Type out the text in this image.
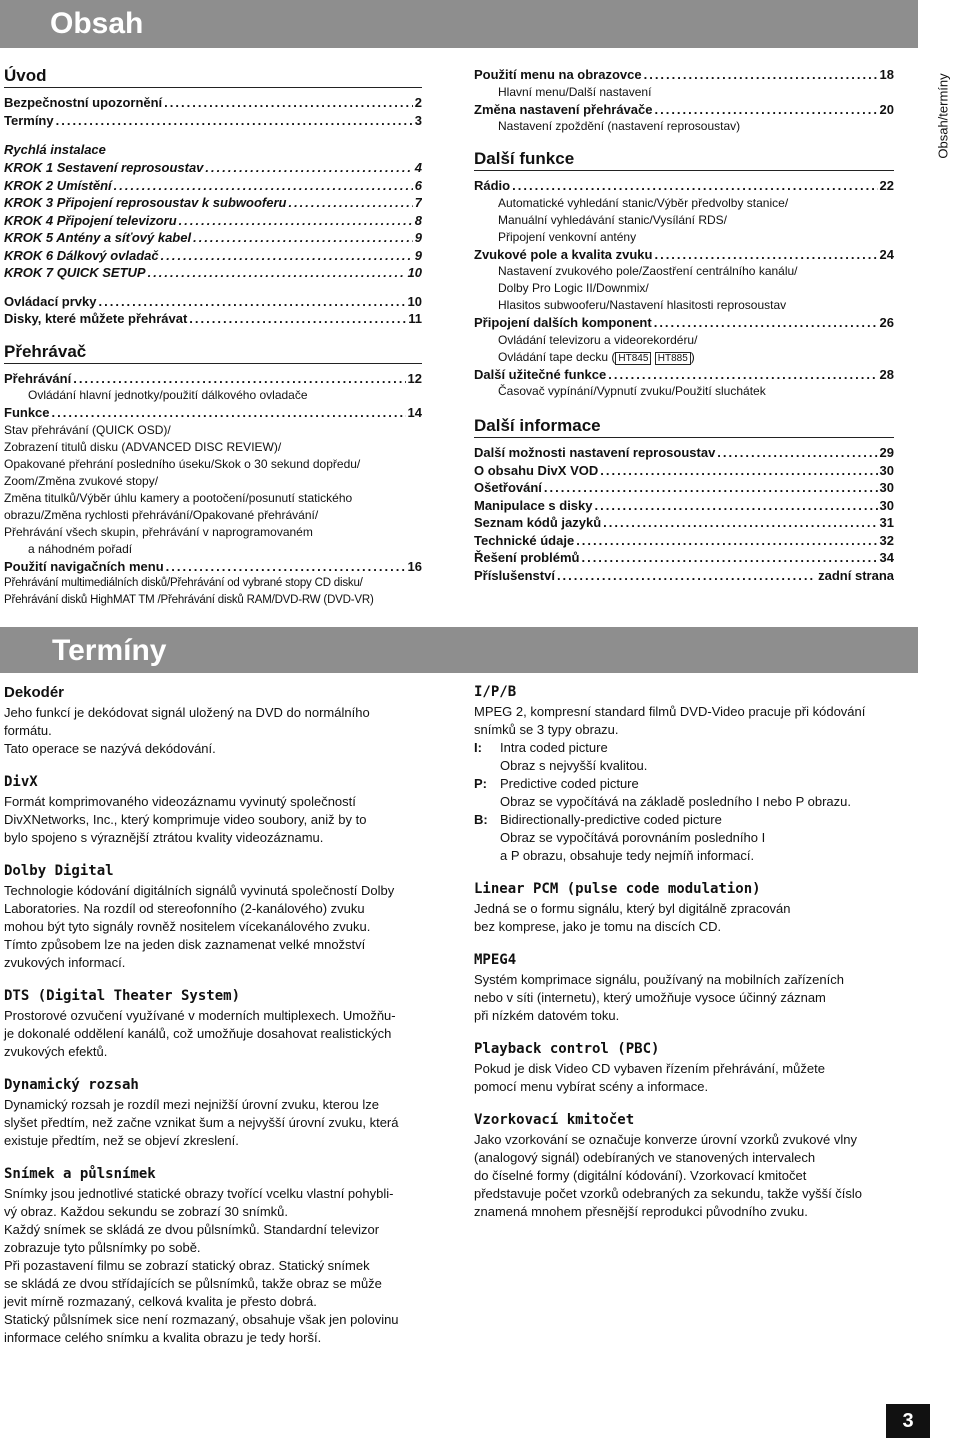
Obsah
Obsah/termíny
Úvod
Bezpečnostní upozornění .....	2
Termíny .....	3
Rychlá instalace
KROK 1 Sestavení reprosoustav .....	4
KROK 2 Umístění .....	6
KROK 3 Připojení reprosoustav k subwooferu .....	7
KROK 4 Připojení televizoru .....	8
KROK 5 Antény a síťový kabel .....	9
KROK 6 Dálkový ovladač .....	9
KROK 7 QUICK SETUP .....	10
Ovládací prvky .....	10
Disky, které můžete přehrávat .....	11
Přehrávač
Přehrávání .....	12
Ovládání hlavní jednotky/použití dálkového ovladače
Funkce .....	14
Stav přehrávání (QUICK OSD)/
Zobrazení titulů disku (ADVANCED DISC REVIEW)/
Opakované přehrání posledního úseku/Skok o 30 sekund dopředu/
Zoom/Změna zvukové stopy/
Změna titulků/Výběr úhlu kamery a pootočení/posunutí statického
obrazu/Změna rychlosti přehrávání/Opakované přehrávání/
Přehrávání všech skupin, přehrávání v naprogramovaném
a náhodném pořadí
Použití navigačních menu .....	16
Přehrávání multimediálních disků/Přehrávání od vybrané stopy CD disku/
Přehrávání disků HighMAT TM /Přehrávání disků RAM/DVD-RW (DVD-VR)
Použití menu na obrazovce .....	18
Hlavní menu/Další nastavení
Změna nastavení přehrávače .....	20
Nastavení zpoždění (nastavení reprosoustav)
Další funkce
Rádio .....	22
Automatické vyhledání stanic/Výběr předvolby stanice/
Manuální vyhledávání stanic/Vysílání RDS/
Připojení venkovní antény
Zvukové pole a kvalita zvuku .....	24
Nastavení zvukového pole/Zaostření centrálního kanálu/
Dolby Pro Logic II/Downmix/
Hlasitos subwooferu/Nastavení hlasitosti reprosoustav
Připojení dalších komponent .....	26
Ovládání televizoru a videorekordéru/
Ovládání tape decku ( HT845 HT885 )
Další užitečné funkce .....	28
Časovač vypínání/Vypnutí zvuku/Použití sluchátek
Další informace
Další možnosti nastavení reprosoustav .....	29
O obsahu DivX VOD .....	30
Ošetřování .....	30
Manipulace s disky .....	30
Seznam kódů jazyků .....	31
Technické údaje .....	32
Řešení problémů .....	34
Příslušenství .....	zadní strana
Termíny
Dekodér
Jeho funkcí je dekódovat signál uložený na DVD do normálního
formátu.
Tato operace se nazývá dekódování.
DivX
Formát komprimovaného videozáznamu vyvinutý společností
DivXNetworks, Inc., který komprimuje video soubory, aniž by to
bylo spojeno s výraznější ztrátou kvality videozáznamu.
Dolby Digital
Technologie kódování digitálních signálů vyvinutá společností Dolby
Laboratories. Na rozdíl od stereofonního (2-kanálového) zvuku
mohou být tyto signály rovněž nositelem vícekanálového zvuku.
Tímto způsobem lze na jeden disk zaznamenat velké množství
zvukových informací.
DTS (Digital Theater System)
Prostorové ozvučení využívané v moderních multiplexech. Umožňu-
je dokonalé oddělení kanálů, což umožňuje dosahovat realistických
zvukových efektů.
Dynamický rozsah
Dynamický rozsah je rozdíl mezi nejnižší úrovní zvuku, kterou lze
slyšet předtím, než začne vznikat šum a nejvyšší úrovní zvuku, která
existuje předtím, než se objeví zkreslení.
Snímek a půlsnímek
Snímky jsou jednotlivé statické obrazy tvořící vcelku vlastní pohybli-
vý obraz. Každou sekundu se zobrazí 30 snímků.
Každý snímek se skládá ze dvou půlsnímků. Standardní televizor
zobrazuje tyto půlsnímky po sobě.
Při pozastavení filmu se zobrazí statický obraz. Statický snímek
se skládá ze dvou střídajících se půlsnímků, takže obraz se může
jevit mírně rozmazaný, celková kvalita je přesto dobrá.
Statický půlsnímek sice není rozmazaný, obsahuje však jen polovinu
informace celého snímku a kvalita obrazu je tedy horší.
I/P/B
MPEG 2, kompresní standard filmů DVD-Video pracuje při kódování
snímků se 3 typy obrazu.
I:	Intra coded picture
Obraz s nejvyšší kvalitou.
P:	Predictive coded picture
Obraz se vypočítává na základě posledního I nebo P obrazu.
B: Bidirectionally-predictive coded picture
Obraz se vypočítává porovnáním posledního I
a P obrazu, obsahuje tedy nejmíň informací.
Linear PCM (pulse code modulation)
Jedná se o formu signálu, který byl digitálně zpracován
bez komprese, jako je tomu na discích CD.
MPEG4
Systém komprimace signálu, používaný na mobilních zařízeních
nebo v síti (internetu), který umožňuje vysoce účinný záznam
při nízkém datovém toku.
Playback control (PBC)
Pokud je disk Video CD vybaven řízením přehrávání, můžete
pomocí menu vybírat scény a informace.
Vzorkovací kmitočet
Jako vzorkování se označuje konverze úrovní vzorků zvukové vlny
(analogový signál) odebíraných ve stanovených intervalech
do číselné formy (digitální kódování). Vzorkovací kmitočet
představuje počet vzorků odebraných za sekundu, takže vyšší číslo
znamená mnohem přesnější reprodukci původního zvuku.
3
